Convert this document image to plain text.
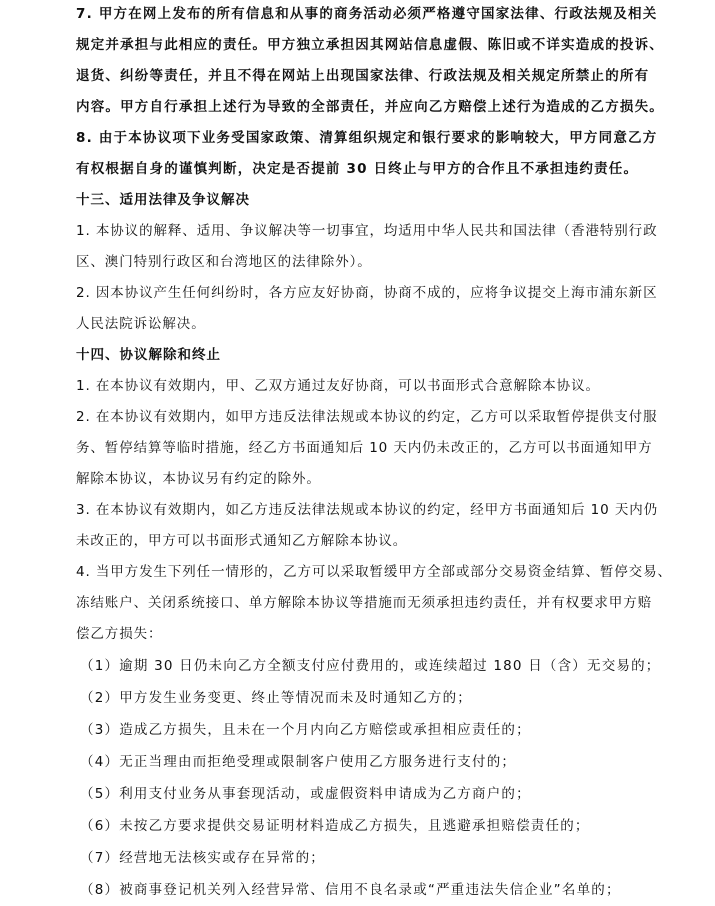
7. 甲方在网上发布的所有信息和从事的商务活动必须严格遵守国家法律、行政法规及相关
规定并承担与此相应的责任。甲方独立承担因其网站信息虚假、陈旧或不详实造成的投诉、
退货、纠纷等责任，并且不得在网站上出现国家法律、行政法规及相关规定所禁止的所有
内容。甲方自行承担上述行为导致的全部责任，并应向乙方赔偿上述行为造成的乙方损失。
8. 由于本协议项下业务受国家政策、清算组织规定和银行要求的影响较大，甲方同意乙方
有权根据自身的谨慎判断，决定是否提前 30 日终止与甲方的合作且不承担违约责任。
十三、适用法律及争议解决
1. 本协议的解释、适用、争议解决等一切事宜，均适用中华人民共和国法律（香港特别行政
区、澳门特别行政区和台湾地区的法律除外）。
2. 因本协议产生任何纠纷时，各方应友好协商，协商不成的，应将争议提交上海市浦东新区
人民法院诉讼解决。
十四、协议解除和终止
1. 在本协议有效期内，甲、乙双方通过友好协商，可以书面形式合意解除本协议。
2. 在本协议有效期内，如甲方违反法律法规或本协议的约定，乙方可以采取暂停提供支付服
务、暂停结算等临时措施，经乙方书面通知后 10 天内仍未改正的，乙方可以书面通知甲方
解除本协议，本协议另有约定的除外。
3. 在本协议有效期内，如乙方违反法律法规或本协议的约定，经甲方书面通知后 10 天内仍
未改正的，甲方可以书面形式通知乙方解除本协议。
4. 当甲方发生下列任一情形的，乙方可以采取暂缓甲方全部或部分交易资金结算、暂停交易、
冻结账户、关闭系统接口、单方解除本协议等措施而无须承担违约责任，并有权要求甲方赔
偿乙方损失：
（1）逾期 30 日仍未向乙方全额支付应付费用的，或连续超过 180 日（含）无交易的；
（2）甲方发生业务变更、终止等情况而未及时通知乙方的；
（3）造成乙方损失，且未在一个月内向乙方赔偿或承担相应责任的；
（4）无正当理由而拒绝受理或限制客户使用乙方服务进行支付的；
（5）利用支付业务从事套现活动，或虚假资料申请成为乙方商户的；
（6）未按乙方要求提供交易证明材料造成乙方损失，且逃避承担赔偿责任的；
（7）经营地无法核实或存在异常的；
（8）被商事登记机关列入经营异常、信用不良名录或“严重违法失信企业”名单的；
